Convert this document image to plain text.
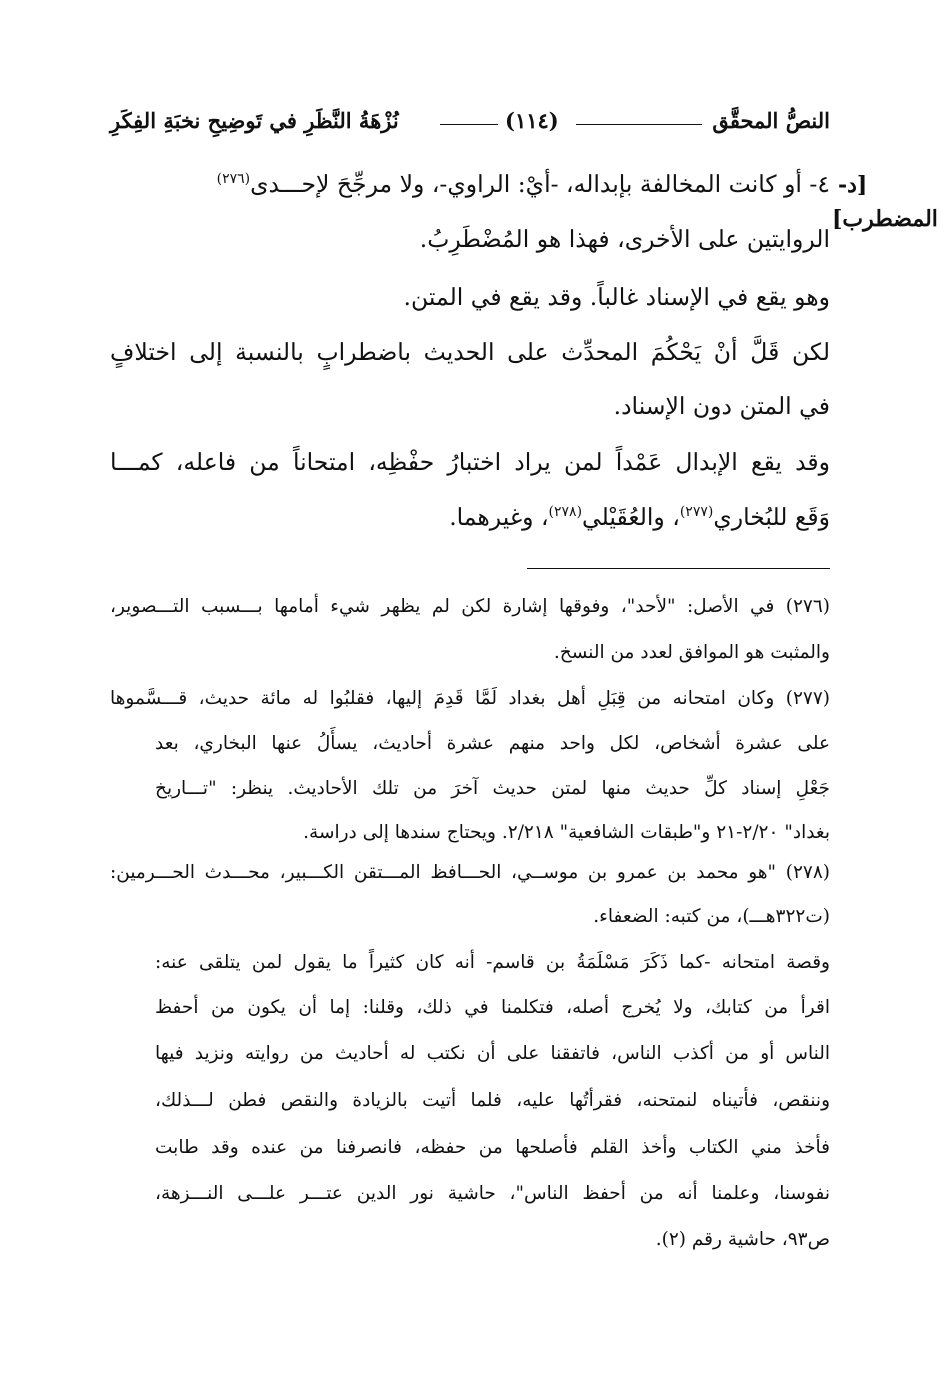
النصُّ المحقَّق
(١١٤)
نُزْهَةُ النَّظَرِ في تَوضِيحِ نخبَةِ الفِكَرِ
[د-
المضطرب]
٤- أو كانت المخالفة بإبداله، -أيْ: الراوي-، ولا مرجِّحَ لإحـــدى$^{(٢٧٦)}$
الروايتين على الأخرى، فهذا هو المُضْطَرِبُ.
وهو يقع في الإسناد غالباً. وقد يقع في المتن.
لكن قَلَّ أنْ يَحْكُمَ المحدِّث على الحديث باضطرابٍ بالنسبة إلى اختلافٍ
في المتن دون الإسناد.
وقد يقع الإبدال عَمْداً لمن يراد اختبارُ حفْظِه، امتحاناً من فاعله، كمـــا
وَقَع للبُخاري$^{(٢٧٧)}$، والعُقَيْلي$^{(٢٧٨)}$، وغيرهما.
(٢٧٦) في الأصل: "لأحد"، وفوقها إشارة لكن لم يظهر شيء أمامها بـــسبب التـــصوير،
والمثبت هو الموافق لعدد من النسخ.
(٢٧٧) وكان امتحانه من قِبَلِ أهل بغداد لَمَّا قَدِمَ إليها، فقلبُوا له مائة حديث، قـــسَّموها
على عشرة أشخاص، لكل واحد منهم عشرة أحاديث، يسأَلُ عنها البخاري، بعد
جَعْلِ إسناد كلِّ حديث منها لمتن حديث آخرَ من تلك الأحاديث. ينظر: "تـــاريخ
بغداد" ٢/٢٠-٢١ و"طبقات الشافعية" ٢/٢١٨. ويحتاج سندها إلى دراسة.
(٢٧٨) "هو محمد بن عمرو بن موســي، الحـــافظ المـــتقن الكـــبير، محـــدث الحـــرمين:
(ت٣٢٢هـــ)، من كتبه: الضعفاء.
وقصة امتحانه -كما ذَكَرَ مَسْلَمَةُ بن قاسم- أنه كان كثيراً ما يقول لمن يتلقى عنه:
اقرأ من كتابك، ولا يُخرج أصله، فتكلمنا في ذلك، وقلنا: إما أن يكون من أحفظ
الناس أو من أكذب الناس، فاتفقنا على أن نكتب له أحاديث من روايته ونزيد فيها
وننقص، فأتيناه لنمتحنه، فقرأتُها عليه، فلما أتيت بالزيادة والنقص فطن لـــذلك،
فأخذ مني الكتاب وأخذ القلم فأصلحها من حفظه، فانصرفنا من عنده وقد طابت
نفوسنا، وعلمنا أنه من أحفظ الناس"، حاشية نور الدين عتـــر علـــى النـــزهة،
ص٩٣، حاشية رقم (٢).
